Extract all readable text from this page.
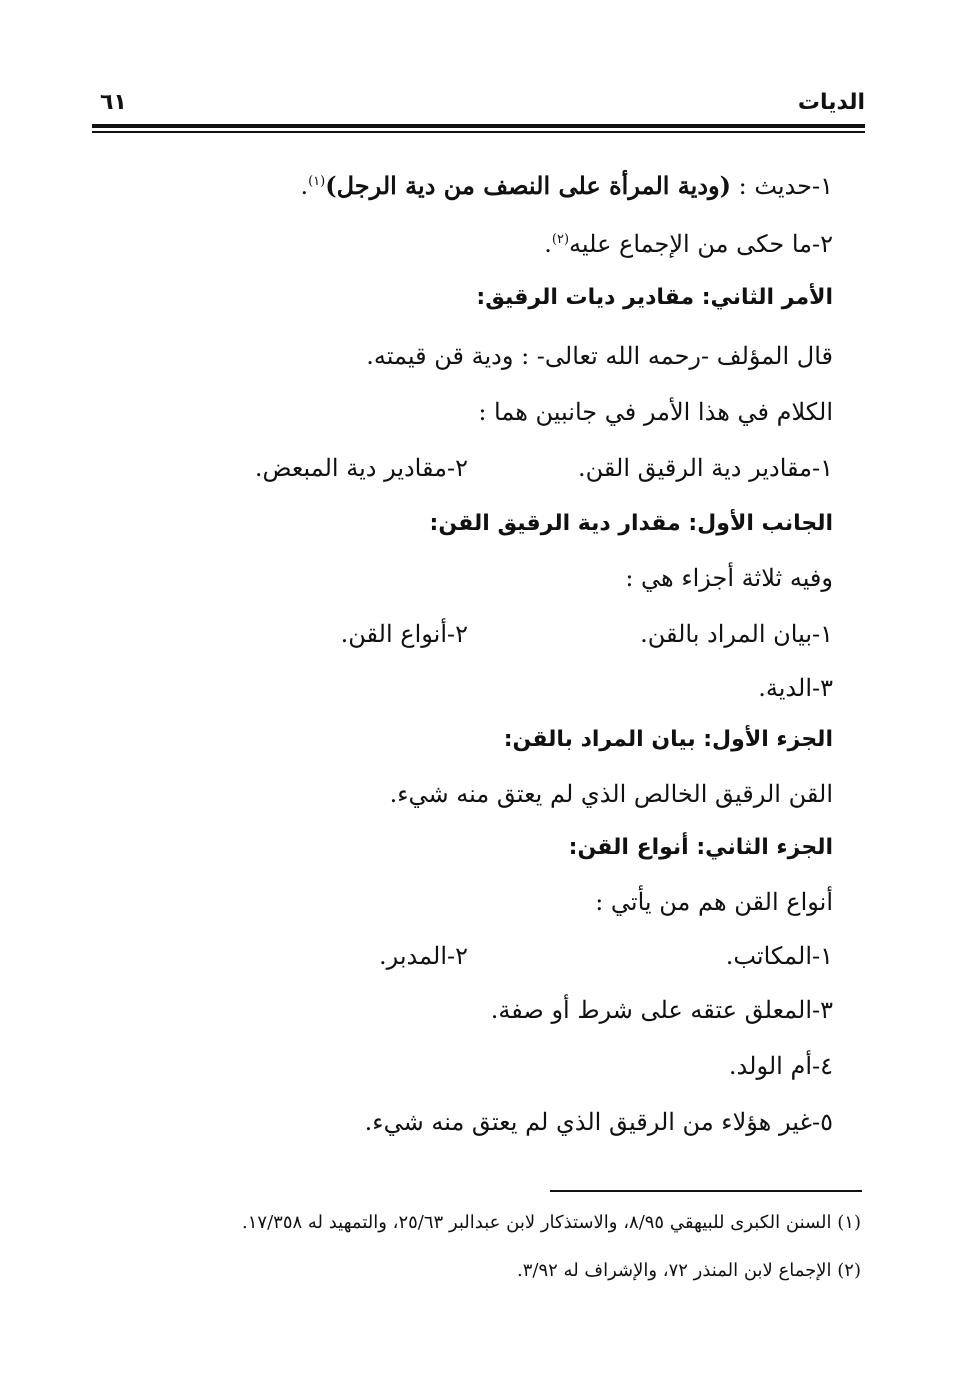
الديات
٦١
١-حديث : (ودية المرأة على النصف من دية الرجل)$^{(١)}$.
٢-ما حكى من الإجماع عليه$^{(٢)}$.
الأمر الثاني: مقادير ديات الرقيق:
قال المؤلف -رحمه الله تعالى- : ودية قن قيمته.
الكلام في هذا الأمر في جانبين هما :
١-مقادير دية الرقيق القن.
٢-مقادير دية المبعض.
الجانب الأول: مقدار دية الرقيق القن:
وفيه ثلاثة أجزاء هي :
١-بيان المراد بالقن.
٢-أنواع القن.
٣-الدية.
الجزء الأول: بيان المراد بالقن:
القن الرقيق الخالص الذي لم يعتق منه شيء.
الجزء الثاني: أنواع القن:
أنواع القن هم من يأتي :
١-المكاتب.
٢-المدبر.
٣-المعلق عتقه على شرط أو صفة.
٤-أم الولد.
٥-غير هؤلاء من الرقيق الذي لم يعتق منه شيء.
(١) السنن الكبرى للبيهقي ٨/٩٥، والاستذكار لابن عبدالبر ٢٥/٦٣، والتمهيد له ١٧/٣٥٨.
(٢) الإجماع لابن المنذر ٧٢، والإشراف له ٣/٩٢.
